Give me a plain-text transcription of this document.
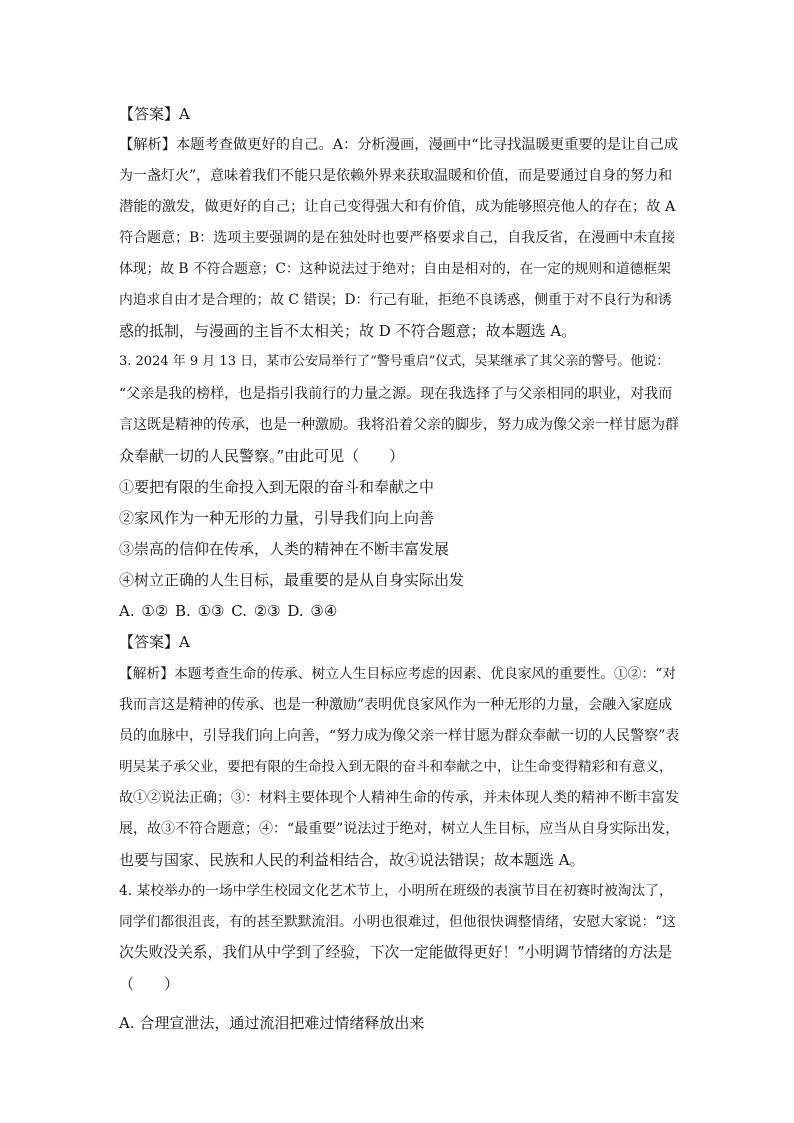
【答案】A
【解析】本题考查做更好的自己。A：分析漫画，漫画中“比寻找温暖更重要的是让自己成
为一盏灯火”，意味着我们不能只是依赖外界来获取温暖和价值，而是要通过自身的努力和
潜能的激发，做更好的自己；让自己变得强大和有价值，成为能够照亮他人的存在；故 A
符合题意；B：选项主要强调的是在独处时也要严格要求自己，自我反省，在漫画中未直接
体现；故 B 不符合题意；C：这种说法过于绝对；自由是相对的，在一定的规则和道德框架
内追求自由才是合理的；故 C 错误；D：行己有耻，拒绝不良诱惑，侧重于对不良行为和诱
惑的抵制，与漫画的主旨不太相关；故 D 不符合题意；故本题选 A。
3. 2024 年 9 月 13 日，某市公安局举行了“警号重启”仪式，吴某继承了其父亲的警号。他说：
“父亲是我的榜样，也是指引我前行的力量之源。现在我选择了与父亲相同的职业，对我而
言这既是精神的传承，也是一种激励。我将沿着父亲的脚步，努力成为像父亲一样甘愿为群
众奉献一切的人民警察。”由此可见（　　）
①要把有限的生命投入到无限的奋斗和奉献之中
②家风作为一种无形的力量，引导我们向上向善
③崇高的信仰在传承，人类的精神在不断丰富发展
④树立正确的人生目标，最重要的是从自身实际出发
A. ①② B. ①③ C. ②③ D. ③④
【答案】A
【解析】本题考查生命的传承、树立人生目标应考虑的因素、优良家风的重要性。①②：“对
我而言这是精神的传承、也是一种激励”表明优良家风作为一种无形的力量，会融入家庭成
员的血脉中，引导我们向上向善，“努力成为像父亲一样甘愿为群众奉献一切的人民警察”表
明吴某子承父业，要把有限的生命投入到无限的奋斗和奉献之中，让生命变得精彩和有意义，
故①②说法正确；③：材料主要体现个人精神生命的传承，并未体现人类的精神不断丰富发
展，故③不符合题意；④：“最重要”说法过于绝对，树立人生目标，应当从自身实际出发，
也要与国家、民族和人民的利益相结合，故④说法错误；故本题选 A。
4. 某校举办的一场中学生校园文化艺术节上，小明所在班级的表演节目在初赛时被淘汰了，
同学们都很沮丧，有的甚至默默流泪。小明也很难过，但他很快调整情绪，安慰大家说：“这
次失败没关系，我们从中学到了经验，下次一定能做得更好！”小明调节情绪的方法是
（　　）
A. 合理宣泄法，通过流泪把难过情绪释放出来
